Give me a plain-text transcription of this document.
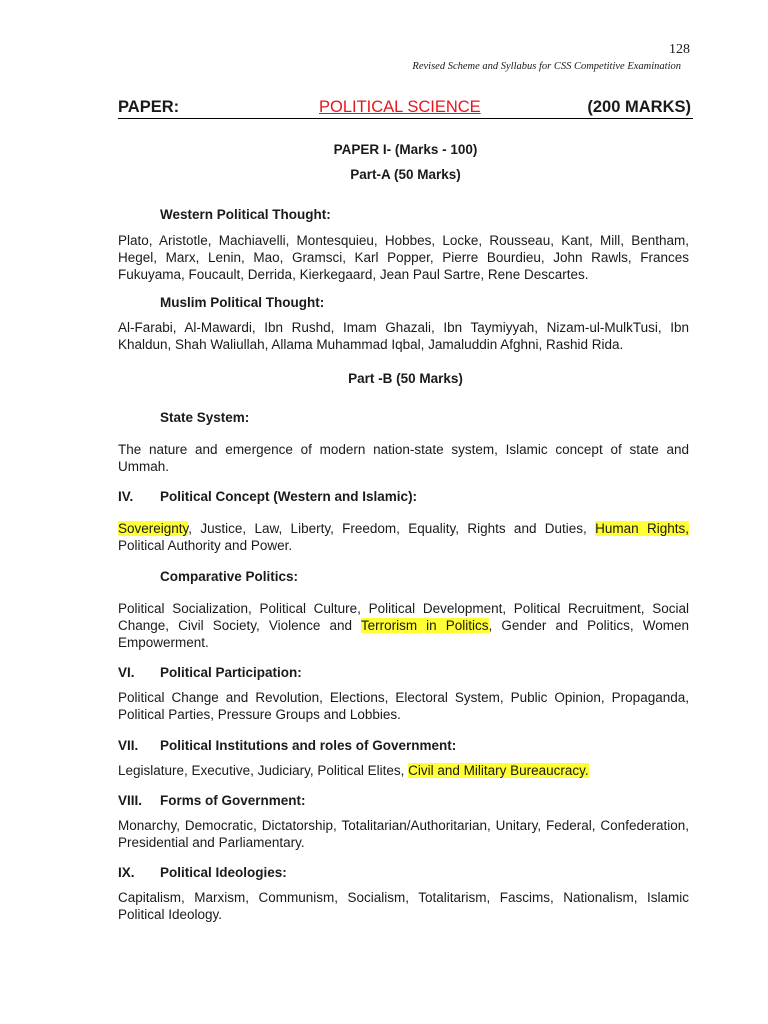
128
Revised Scheme and Syllabus for CSS Competitive Examination
PAPER:	POLITICAL SCIENCE	(200 MARKS)
PAPER I- (Marks - 100)
Part-A (50 Marks)
Western Political Thought:
Plato, Aristotle, Machiavelli, Montesquieu, Hobbes, Locke, Rousseau, Kant, Mill, Bentham, Hegel, Marx, Lenin, Mao, Gramsci, Karl Popper, Pierre Bourdieu, John Rawls, Frances Fukuyama, Foucault, Derrida, Kierkegaard, Jean Paul Sartre, Rene Descartes.
Muslim Political Thought:
Al-Farabi, Al-Mawardi, Ibn Rushd, Imam Ghazali, Ibn Taymiyyah, Nizam-ul-MulkTusi, Ibn Khaldun, Shah Waliullah, Allama Muhammad Iqbal, Jamaluddin Afghni, Rashid Rida.
Part -B (50 Marks)
State System:
The nature and emergence of modern nation-state system, Islamic concept of state and Ummah.
IV. Political Concept (Western and Islamic):
Sovereignty, Justice, Law, Liberty, Freedom, Equality, Rights and Duties, Human Rights, Political Authority and Power.
Comparative Politics:
Political Socialization, Political Culture, Political Development, Political Recruitment, Social Change, Civil Society, Violence and Terrorism in Politics, Gender and Politics, Women Empowerment.
VI. Political Participation:
Political Change and Revolution, Elections, Electoral System, Public Opinion, Propaganda, Political Parties, Pressure Groups and Lobbies.
VII. Political Institutions and roles of Government:
Legislature, Executive, Judiciary, Political Elites, Civil and Military Bureaucracy.
VIII. Forms of Government:
Monarchy, Democratic, Dictatorship, Totalitarian/Authoritarian, Unitary, Federal, Confederation, Presidential and Parliamentary.
IX. Political Ideologies:
Capitalism, Marxism, Communism, Socialism, Totalitarism, Fascims, Nationalism, Islamic Political Ideology.
